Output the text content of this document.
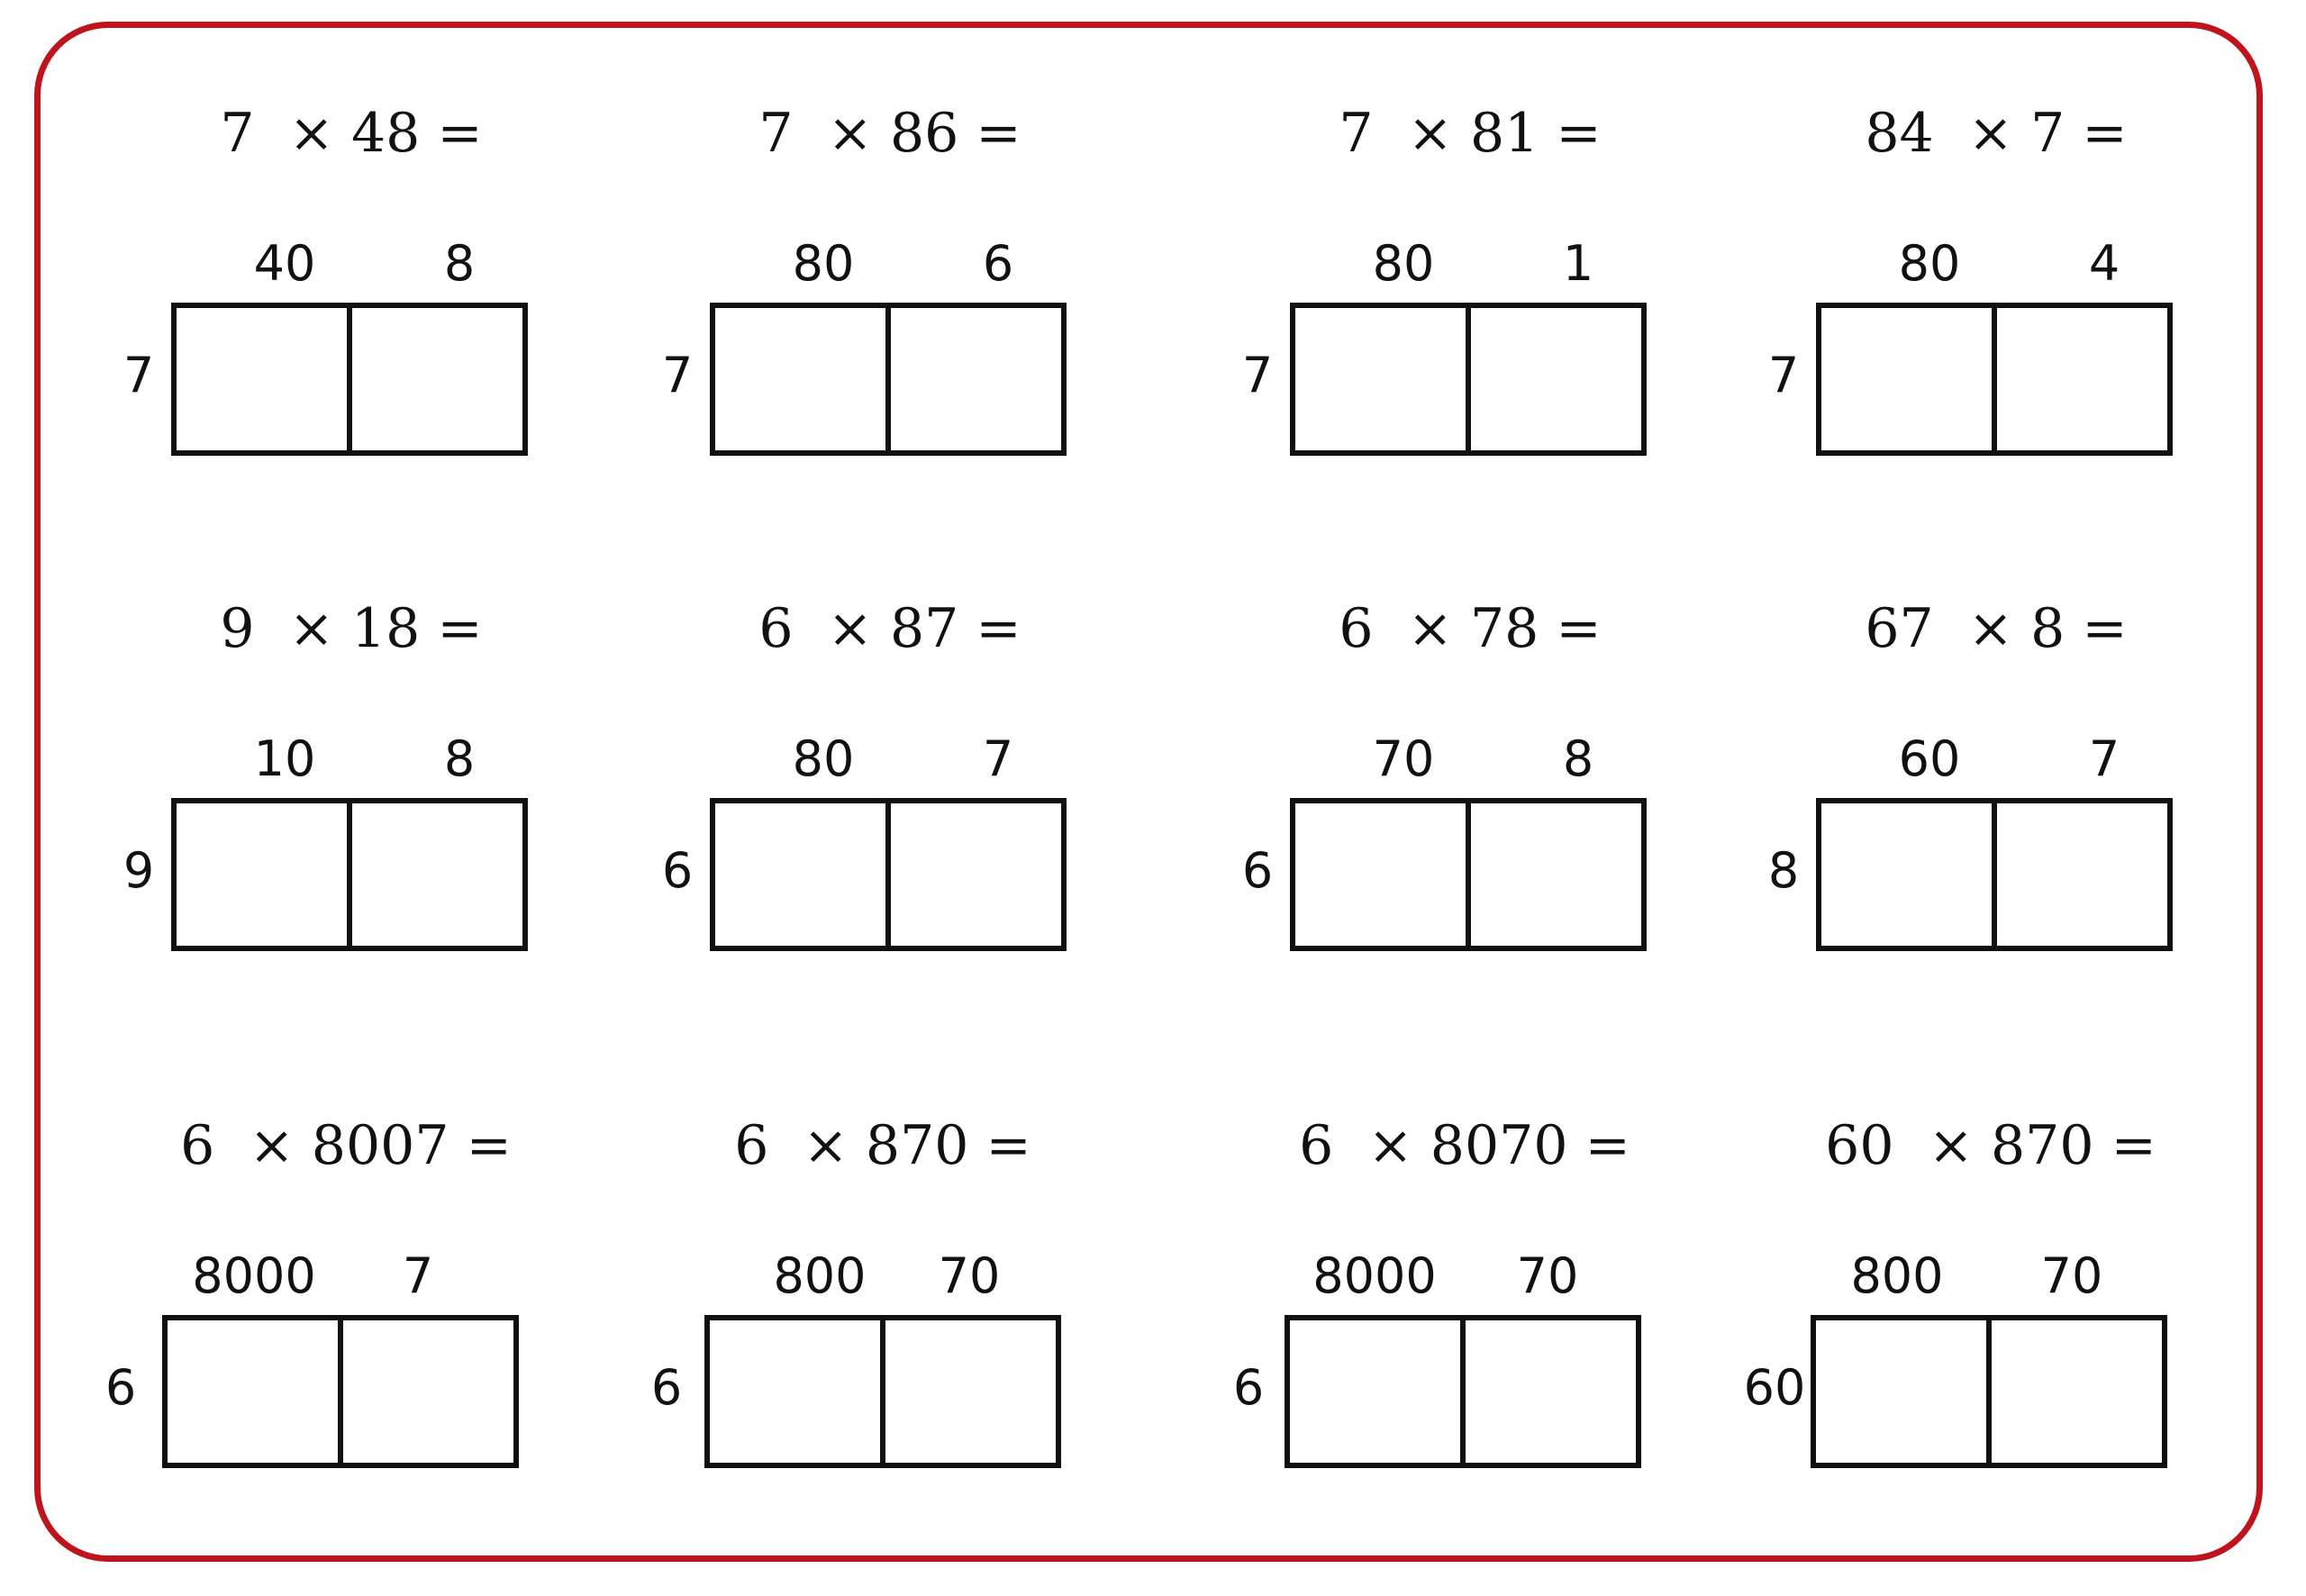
7  × 48 =
40	8
7
7  × 86 =
80	6
7
7  × 81 =
80	1
7
84  × 7 =
80	4
7
9  × 18 =
10	8
9
6  × 87 =
80	7
6
6  × 78 =
70	8
6
67  × 8 =
60	7
8
6  × 8007 =
8000	7
6
6  × 870 =
800	70
6
6  × 8070 =
8000	70
6
60  × 870 =
800	70
60
